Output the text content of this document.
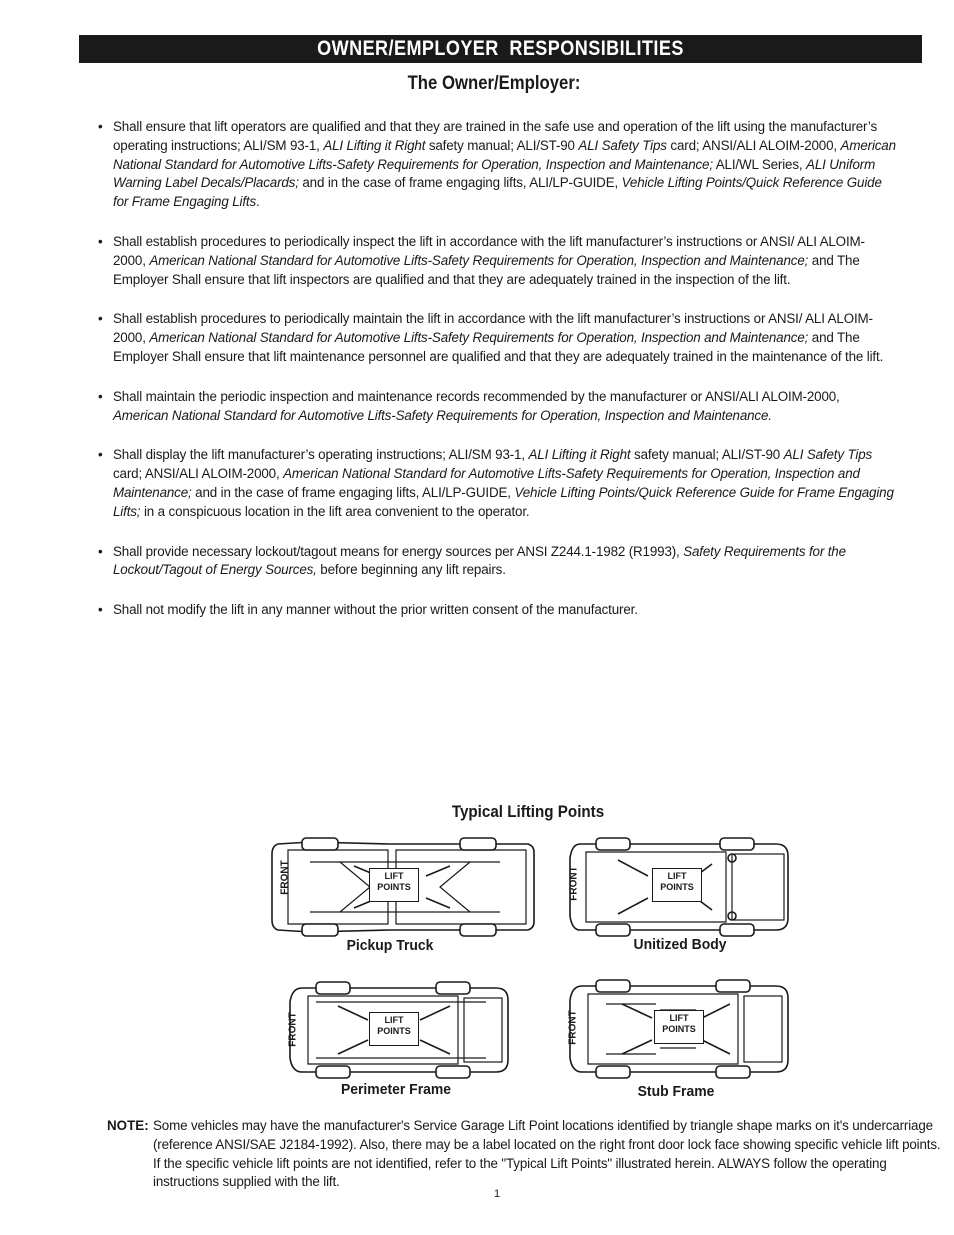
OWNER/EMPLOYER RESPONSIBILITIES
The Owner/Employer:
• Shall ensure that lift operators are qualified and that they are trained in the safe use and operation of the lift using the manufacturer’s operating instructions; ALI/SM 93-1, ALI Lifting it Right safety manual; ALI/ST-90 ALI Safety Tips card; ANSI/ALI ALOIM-2000, American National Standard for Automotive Lifts-Safety Requirements for Operation, Inspection and Maintenance; ALI/WL Series, ALI Uniform Warning Label Decals/Placards; and in the case of frame engaging lifts, ALI/LP-GUIDE, Vehicle Lifting Points/Quick Reference Guide for Frame Engaging Lifts.
• Shall establish procedures to periodically inspect the lift in accordance with the lift manufacturer’s instructions or ANSI/ ALI ALOIM-2000, American National Standard for Automotive Lifts-Safety Requirements for Operation, Inspection and Maintenance; and The Employer Shall ensure that lift inspectors are qualified and that they are adequately trained in the inspection of the lift.
• Shall establish procedures to periodically maintain the lift in accordance with the lift manufacturer’s instructions or ANSI/ ALI ALOIM-2000, American National Standard for Automotive Lifts-Safety Requirements for Operation, Inspection and Maintenance; and The Employer Shall ensure that lift maintenance personnel are qualified and that they are adequately trained in the maintenance of the lift.
• Shall maintain the periodic inspection and maintenance records recommended by the manufacturer or ANSI/ALI ALOIM-2000, American National Standard for Automotive Lifts-Safety Requirements for Operation, Inspection and Maintenance.
• Shall display the lift manufacturer’s operating instructions; ALI/SM 93-1, ALI Lifting it Right safety manual; ALI/ST-90 ALI Safety Tips card; ANSI/ALI ALOIM-2000, American National Standard for Automotive Lifts-Safety Requirements for Operation, Inspection and Maintenance; and in the case of frame engaging lifts, ALI/LP-GUIDE, Vehicle Lifting Points/Quick Reference Guide for Frame Engaging Lifts; in a conspicuous location in the lift area convenient to the operator.
• Shall provide necessary lockout/tagout means for energy sources per ANSI Z244.1-1982 (R1993), Safety Requirements for the Lockout/Tagout of Energy Sources, before beginning any lift repairs.
• Shall not modify the lift in any manner without the prior written consent of the manufacturer.
Typical Lifting Points
LIFT
POINTS
FRONT
Pickup Truck
LIFT
POINTS
FRONT
Unitized Body
LIFT
POINTS
FRONT
Perimeter Frame
LIFT
POINTS
FRONT
Stub Frame
NOTE: Some vehicles may have the manufacturer's Service Garage Lift Point locations identified by triangle shape marks on it's undercarriage (reference ANSI/SAE J2184-1992). Also, there may be a label located on the right front door lock face showing specific vehicle lift points. If the specific vehicle lift points are not identified, refer to the "Typical Lift Points" illustrated herein. ALWAYS follow the operating instructions supplied with the lift.
1
